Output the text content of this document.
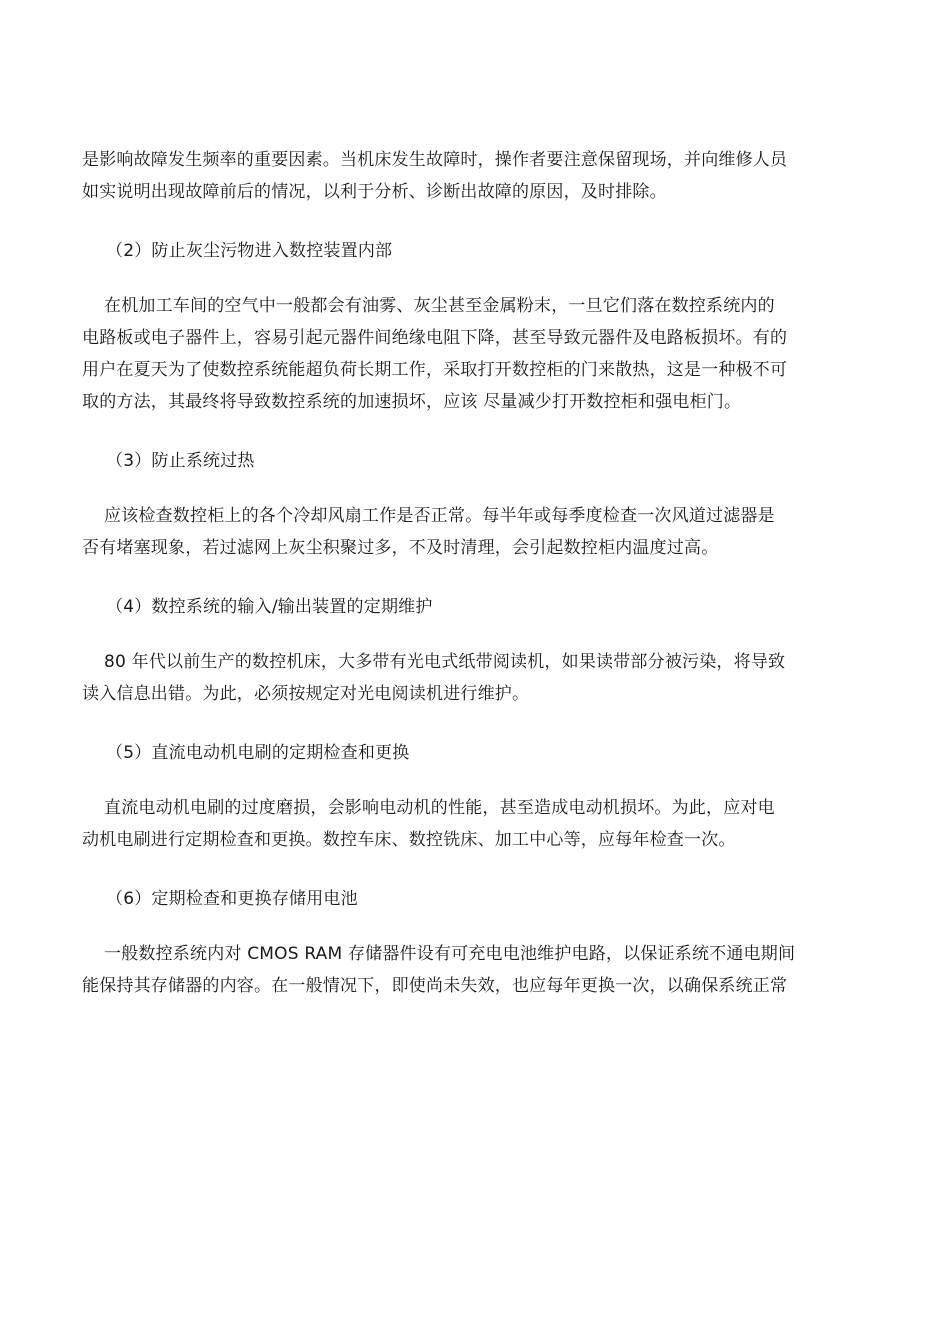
是影响故障发生频率的重要因素。当机床发生故障时，操作者要注意保留现场，并向维修人员
如实说明出现故障前后的情况，以利于分析、诊断出故障的原因，及时排除。
（2）防止灰尘污物进入数控装置内部
在机加工车间的空气中一般都会有油雾、灰尘甚至金属粉末，一旦它们落在数控系统内的
电路板或电子器件上，容易引起元器件间绝缘电阻下降，甚至导致元器件及电路板损坏。有的
用户在夏天为了使数控系统能超负荷长期工作，采取打开数控柜的门来散热，这是一种极不可
取的方法，其最终将导致数控系统的加速损坏，应该 尽量减少打开数控柜和强电柜门。
（3）防止系统过热
应该检查数控柜上的各个冷却风扇工作是否正常。每半年或每季度检查一次风道过滤器是
否有堵塞现象，若过滤网上灰尘积聚过多，不及时清理，会引起数控柜内温度过高。
（4）数控系统的输入/输出装置的定期维护
80 年代以前生产的数控机床，大多带有光电式纸带阅读机，如果读带部分被污染，将导致
读入信息出错。为此，必须按规定对光电阅读机进行维护。
（5）直流电动机电刷的定期检查和更换
直流电动机电刷的过度磨损，会影响电动机的性能，甚至造成电动机损坏。为此，应对电
动机电刷进行定期检查和更换。数控车床、数控铣床、加工中心等，应每年检查一次。
（6）定期检查和更换存储用电池
一般数控系统内对 CMOS RAM 存储器件设有可充电电池维护电路，以保证系统不通电期间
能保持其存储器的内容。在一般情况下，即使尚未失效，也应每年更换一次，以确保系统正常
